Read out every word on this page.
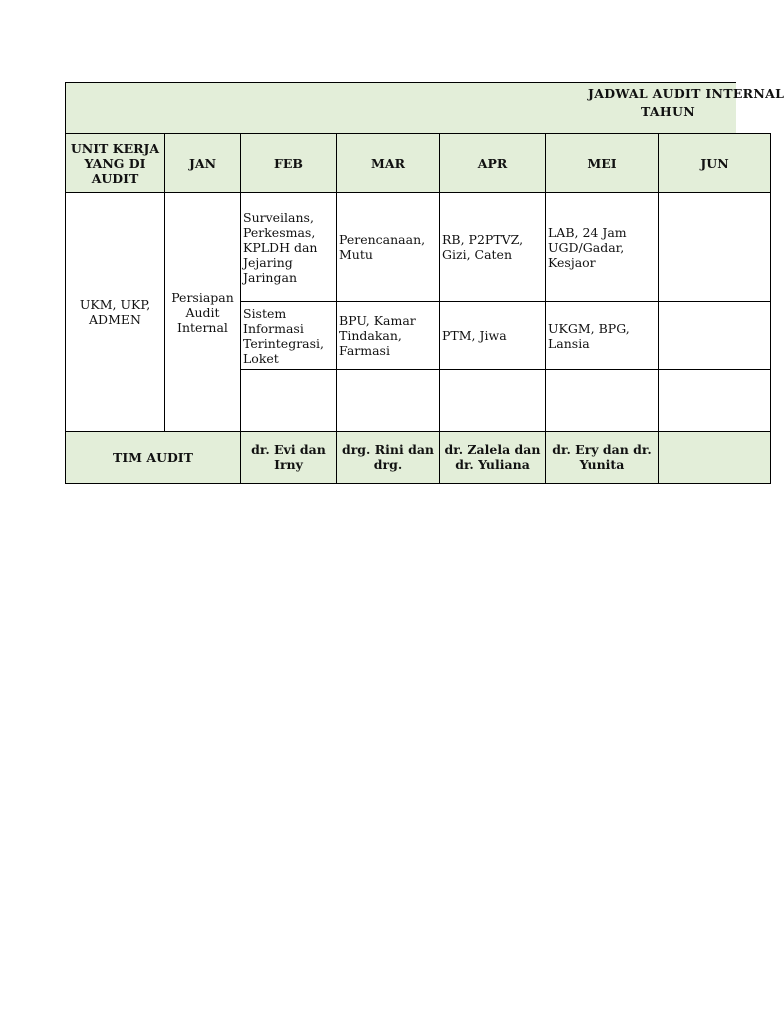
JADWAL AUDIT INTERNAL
TAHUN
UNIT KERJA YANG DI AUDIT	JAN	FEB	MAR	APR	MEI	JUN
UKM, UKP, ADMEN	Persiapan Audit Internal	Surveilans, Perkesmas, KPLDH dan Jejaring Jaringan	Perencanaan, Mutu	RB, P2PTVZ, Gizi, Caten	LAB, 24 Jam UGD/Gadar, Kesjaor	
		Sistem Informasi Terintegrasi, Loket	BPU, Kamar Tindakan, Farmasi	PTM, Jiwa	UKGM, BPG, Lansia	

TIM AUDIT		dr. Evi dan Irny	drg. Rini dan drg.	dr. Zalela dan dr. Yuliana	dr. Ery dan dr. Yunita	
